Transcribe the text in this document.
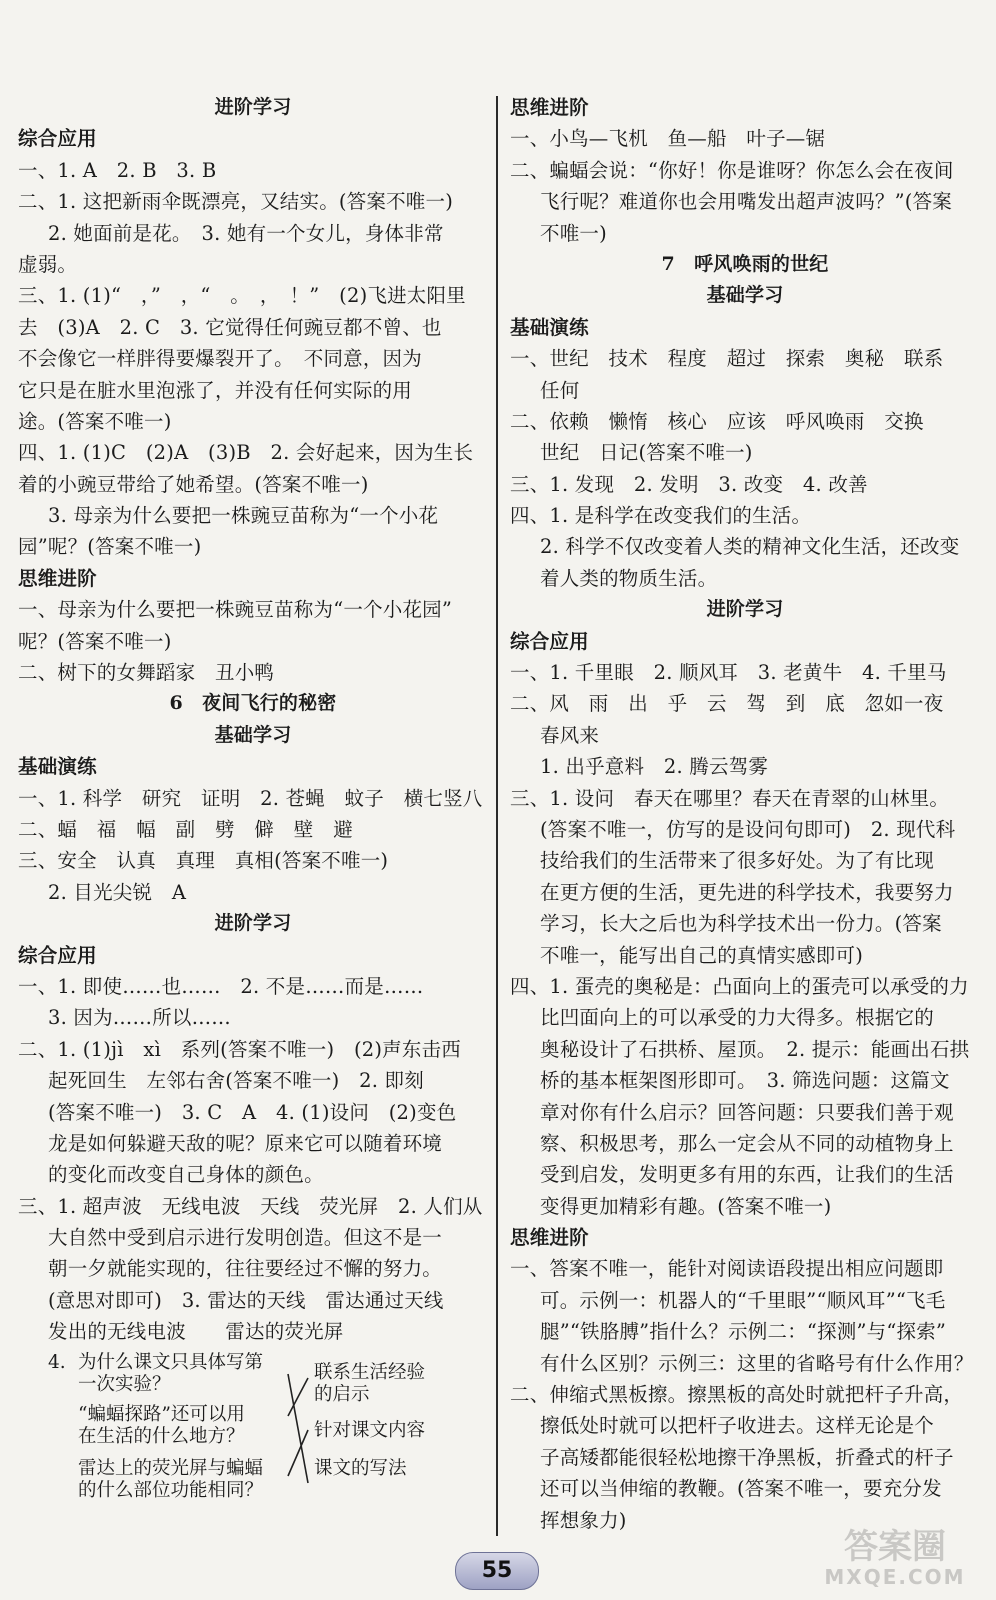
进阶学习
综合应用
一、1. A　2. B　3. B
二、1. 这把新雨伞既漂亮，又结实。(答案不唯一)
2. 她面前是花。　3. 她有一个女儿，身体非常
虚弱。
三、1. (1)“　，”　，“　。　，　！”　(2)飞进太阳里
去　(3)A　2. C　3. 它觉得任何豌豆都不曾、也
不会像它一样胖得要爆裂开了。　不同意，因为
它只是在脏水里泡涨了，并没有任何实际的用
途。(答案不唯一)
四、1. (1)C　(2)A　(3)B　2. 会好起来，因为生长
着的小豌豆带给了她希望。(答案不唯一)
3. 母亲为什么要把一株豌豆苗称为“一个小花
园”呢？(答案不唯一)
思维进阶
一、母亲为什么要把一株豌豆苗称为“一个小花园”
呢？(答案不唯一)
二、树下的女舞蹈家　丑小鸭
6　夜间飞行的秘密
基础学习
基础演练
一、1. 科学　研究　证明　2. 苍蝇　蚊子　横七竖八
二、蝠　福　幅　副　劈　僻　壁　避
三、安全　认真　真理　真相(答案不唯一)
2. 目光尖锐　A
进阶学习
综合应用
一、1. 即使……也……　2. 不是……而是……
3. 因为……所以……
二、1. (1)jì　xì　系列(答案不唯一)　(2)声东击西
起死回生　左邻右舍(答案不唯一)　2. 即刻
(答案不唯一)　3. C　A　4. (1)设问　(2)变色
龙是如何躲避天敌的呢？原来它可以随着环境
的变化而改变自己身体的颜色。
三、1. 超声波　无线电波　天线　荧光屏　2. 人们从
大自然中受到启示进行发明创造。但这不是一
朝一夕就能实现的，往往要经过不懈的努力。
(意思对即可)　3. 雷达的天线　雷达通过天线
发出的无线电波　　雷达的荧光屏
4. 为什么课文只具体写第
一次实验？
“蝙蝠探路”还可以用
在生活的什么地方？
雷达上的荧光屏与蝙蝠
的什么部位功能相同？
联系生活经验
的启示
针对课文内容
课文的写法
思维进阶
一、小鸟—飞机　鱼—船　叶子—锯
二、蝙蝠会说：“你好！你是谁呀？你怎么会在夜间
飞行呢？难道你也会用嘴发出超声波吗？”(答案
不唯一)
7　呼风唤雨的世纪
基础学习
基础演练
一、世纪　技术　程度　超过　探索　奥秘　联系
任何
二、依赖　懒惰　核心　应该　呼风唤雨　交换
世纪　日记(答案不唯一)
三、1. 发现　2. 发明　3. 改变　4. 改善
四、1. 是科学在改变我们的生活。
2. 科学不仅改变着人类的精神文化生活，还改变
着人类的物质生活。
进阶学习
综合应用
一、1. 千里眼　2. 顺风耳　3. 老黄牛　4. 千里马
二、风　雨　出　乎　云　驾　到　底　忽如一夜
春风来
1. 出乎意料　2. 腾云驾雾
三、1. 设问　春天在哪里？春天在青翠的山林里。
(答案不唯一，仿写的是设问句即可)　2. 现代科
技给我们的生活带来了很多好处。为了有比现
在更方便的生活，更先进的科学技术，我要努力
学习，长大之后也为科学技术出一份力。(答案
不唯一，能写出自己的真情实感即可)
四、1. 蛋壳的奥秘是：凸面向上的蛋壳可以承受的力
比凹面向上的可以承受的力大得多。根据它的
奥秘设计了石拱桥、屋顶。　2. 提示：能画出石拱
桥的基本框架图形即可。　3. 筛选问题：这篇文
章对你有什么启示？回答问题：只要我们善于观
察、积极思考，那么一定会从不同的动植物身上
受到启发，发明更多有用的东西，让我们的生活
变得更加精彩有趣。(答案不唯一)
思维进阶
一、答案不唯一，能针对阅读语段提出相应问题即
可。示例一：机器人的“千里眼”“顺风耳”“飞毛
腿”“铁胳膊”指什么？示例二：“探测”与“探索”
有什么区别？示例三：这里的省略号有什么作用？
二、伸缩式黑板擦。擦黑板的高处时就把杆子升高，
擦低处时就可以把杆子收进去。这样无论是个
子高矮都能很轻松地擦干净黑板，折叠式的杆子
还可以当伸缩的教鞭。(答案不唯一，要充分发
挥想象力)
55
答案圈
MXQE.COM
